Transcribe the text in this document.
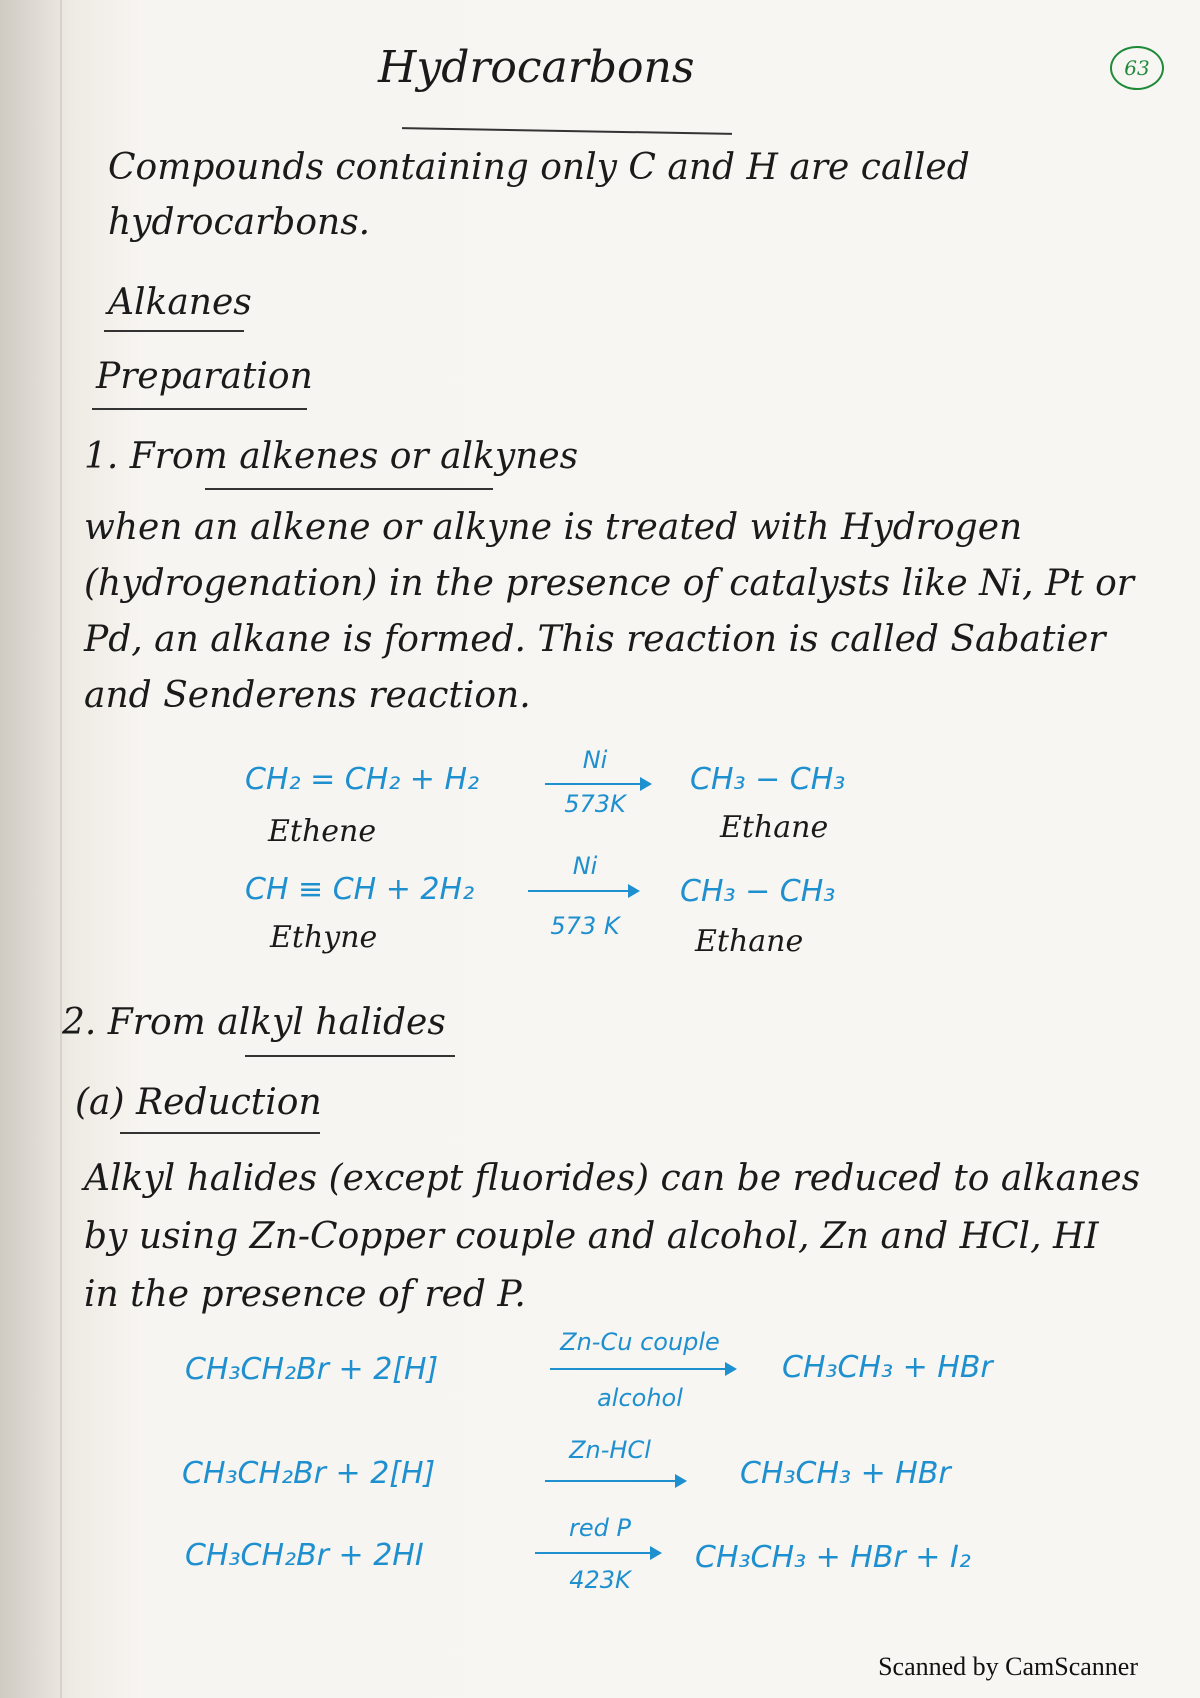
Hydrocarbons	63
Compounds containing only C and H are called hydrocarbons.
Alkanes
Preparation
1. From alkenes or alkynes
when an alkene or alkyne is treated with Hydrogen (hydrogenation) in the presence of catalysts like Ni, Pt or Pd, an alkane is formed. This reaction is called Sabatier and Senderens reaction.
CH₂ = CH₂ + H₂
Ni
573K
CH₃ − CH₃
Ethene	Ethane
CH ≡ CH + 2H₂
Ni
573 K
CH₃ − CH₃
Ethyne	Ethane
2. From alkyl halides
(a) Reduction
Alkyl halides (except fluorides) can be reduced to alkanes by using Zn-Copper couple and alcohol, Zn and HCl, HI in the presence of red P.
CH₃CH₂Br + 2[H]
Zn-Cu couple
alcohol
CH₃CH₃ + HBr
CH₃CH₂Br + 2[H]
Zn-HCl
CH₃CH₃ + HBr
CH₃CH₂Br + 2HI
red P
423K
CH₃CH₃ + HBr + I₂
Scanned by CamScanner
